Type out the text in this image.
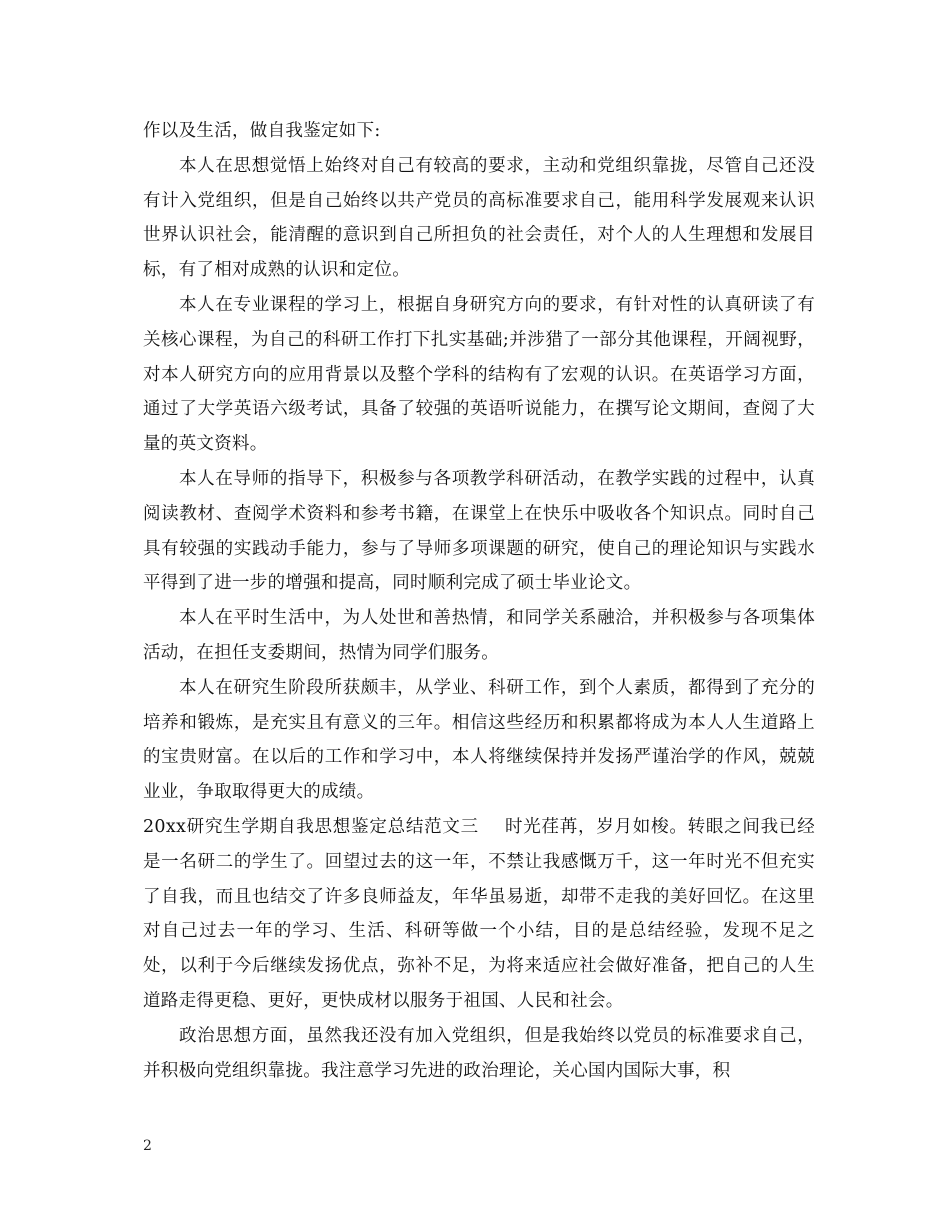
作以及生活，做自我鉴定如下:

本人在思想觉悟上始终对自己有较高的要求，主动和党组织靠拢，尽管自己还没有计入党组织，但是自己始终以共产党员的高标准要求自己，能用科学发展观来认识世界认识社会，能清醒的意识到自己所担负的社会责任，对个人的人生理想和发展目标，有了相对成熟的认识和定位。

本人在专业课程的学习上，根据自身研究方向的要求，有针对性的认真研读了有关核心课程，为自己的科研工作打下扎实基础;并涉猎了一部分其他课程，开阔视野，对本人研究方向的应用背景以及整个学科的结构有了宏观的认识。在英语学习方面，通过了大学英语六级考试，具备了较强的英语听说能力，在撰写论文期间，查阅了大量的英文资料。

本人在导师的指导下，积极参与各项教学科研活动，在教学实践的过程中，认真阅读教材、查阅学术资料和参考书籍，在课堂上在快乐中吸收各个知识点。同时自己具有较强的实践动手能力，参与了导师多项课题的研究，使自己的理论知识与实践水平得到了进一步的增强和提高，同时顺利完成了硕士毕业论文。

本人在平时生活中，为人处世和善热情，和同学关系融洽，并积极参与各项集体活动，在担任支委期间，热情为同学们服务。

本人在研究生阶段所获颇丰，从学业、科研工作，到个人素质，都得到了充分的培养和锻炼，是充实且有意义的三年。相信这些经历和积累都将成为本人人生道路上的宝贵财富。在以后的工作和学习中，本人将继续保持并发扬严谨治学的作风，兢兢业业，争取取得更大的成绩。

20xx研究生学期自我思想鉴定总结范文三 时光荏苒，岁月如梭。转眼之间我已经是一名研二的学生了。回望过去的这一年，不禁让我感慨万千，这一年时光不但充实了自我，而且也结交了许多良师益友，年华虽易逝，却带不走我的美好回忆。在这里对自己过去一年的学习、生活、科研等做一个小结，目的是总结经验，发现不足之处，以利于今后继续发扬优点，弥补不足，为将来适应社会做好准备，把自己的人生道路走得更稳、更好，更快成材以服务于祖国、人民和社会。

政治思想方面，虽然我还没有加入党组织，但是我始终以党员的标准要求自己，并积极向党组织靠拢。我注意学习先进的政治理论，关心国内国际大事，积

2
